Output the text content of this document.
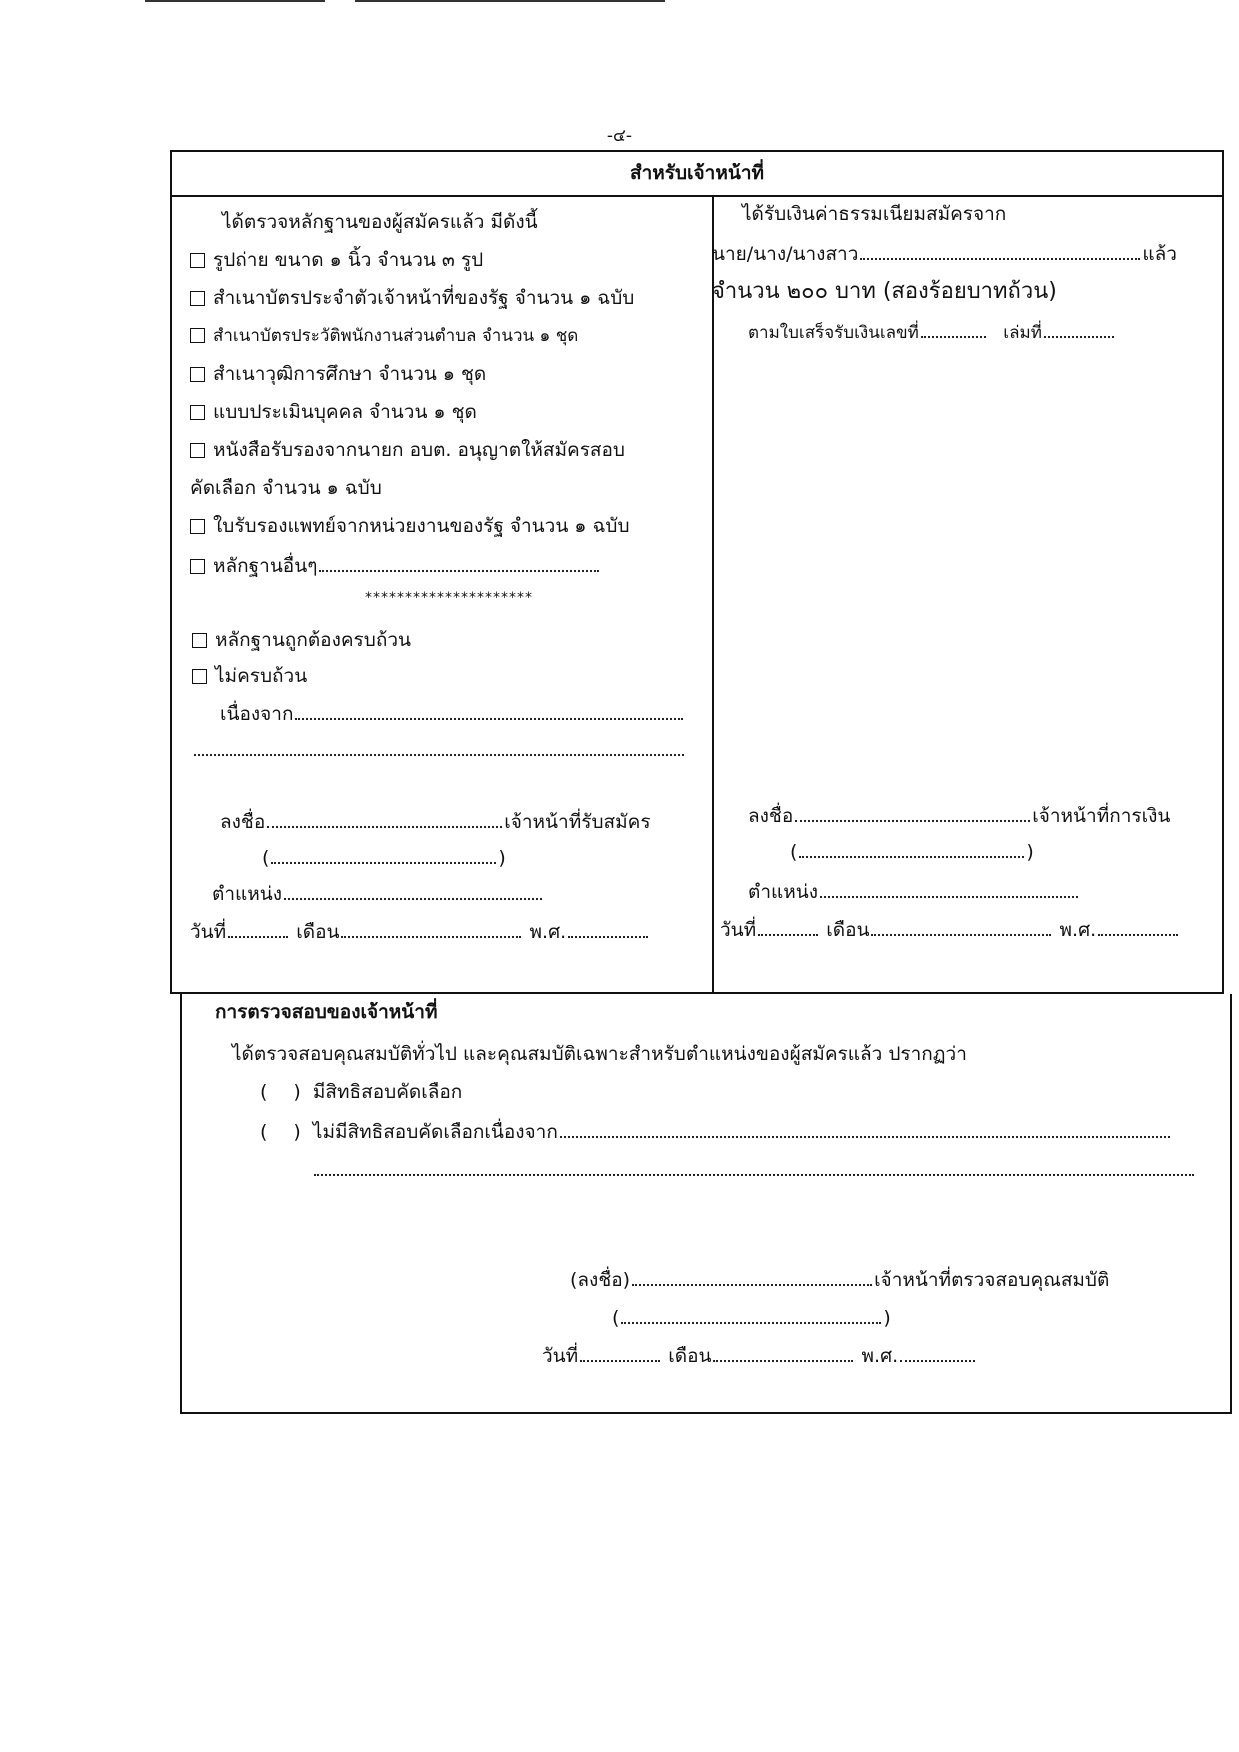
-๔-
สำหรับเจ้าหน้าที่
ได้ตรวจหลักฐานของผู้สมัครแล้ว มีดังนี้
รูปถ่าย ขนาด ๑ นิ้ว จำนวน ๓ รูป
สำเนาบัตรประจำตัวเจ้าหน้าที่ของรัฐ จำนวน ๑ ฉบับ
สำเนาบัตรประวัติพนักงานส่วนตำบล จำนวน ๑ ชุด
สำเนาวุฒิการศึกษา จำนวน ๑ ชุด
แบบประเมินบุคคล จำนวน ๑ ชุด
หนังสือรับรองจากนายก อบต. อนุญาตให้สมัครสอบ
คัดเลือก จำนวน ๑ ฉบับ
ใบรับรองแพทย์จากหน่วยงานของรัฐ จำนวน ๑ ฉบับ
หลักฐานอื่นๆ
*********************
หลักฐานถูกต้องครบถ้วน
ไม่ครบถ้วน
เนื่องจาก
ลงชื่อ	เจ้าหน้าที่รับสมัคร
(	)
ตำแหน่ง
วันที่	เดือน	พ.ศ.
ได้รับเงินค่าธรรมเนียมสมัครจาก
นาย/นาง/นางสาว	แล้ว
จำนวน ๒๐๐ บาท (สองร้อยบาทถ้วน)
ตามใบเสร็จรับเงินเลขที่	เล่มที่
ลงชื่อ	เจ้าหน้าที่การเงิน
(	)
ตำแหน่ง
วันที่	เดือน	พ.ศ.
การตรวจสอบของเจ้าหน้าที่
ได้ตรวจสอบคุณสมบัติทั่วไป และคุณสมบัติเฉพาะสำหรับตำแหน่งของผู้สมัครแล้ว ปรากฏว่า
( ) มีสิทธิสอบคัดเลือก
( ) ไม่มีสิทธิสอบคัดเลือกเนื่องจาก
(ลงชื่อ)	เจ้าหน้าที่ตรวจสอบคุณสมบัติ
(	)
วันที่	เดือน	พ.ศ.
